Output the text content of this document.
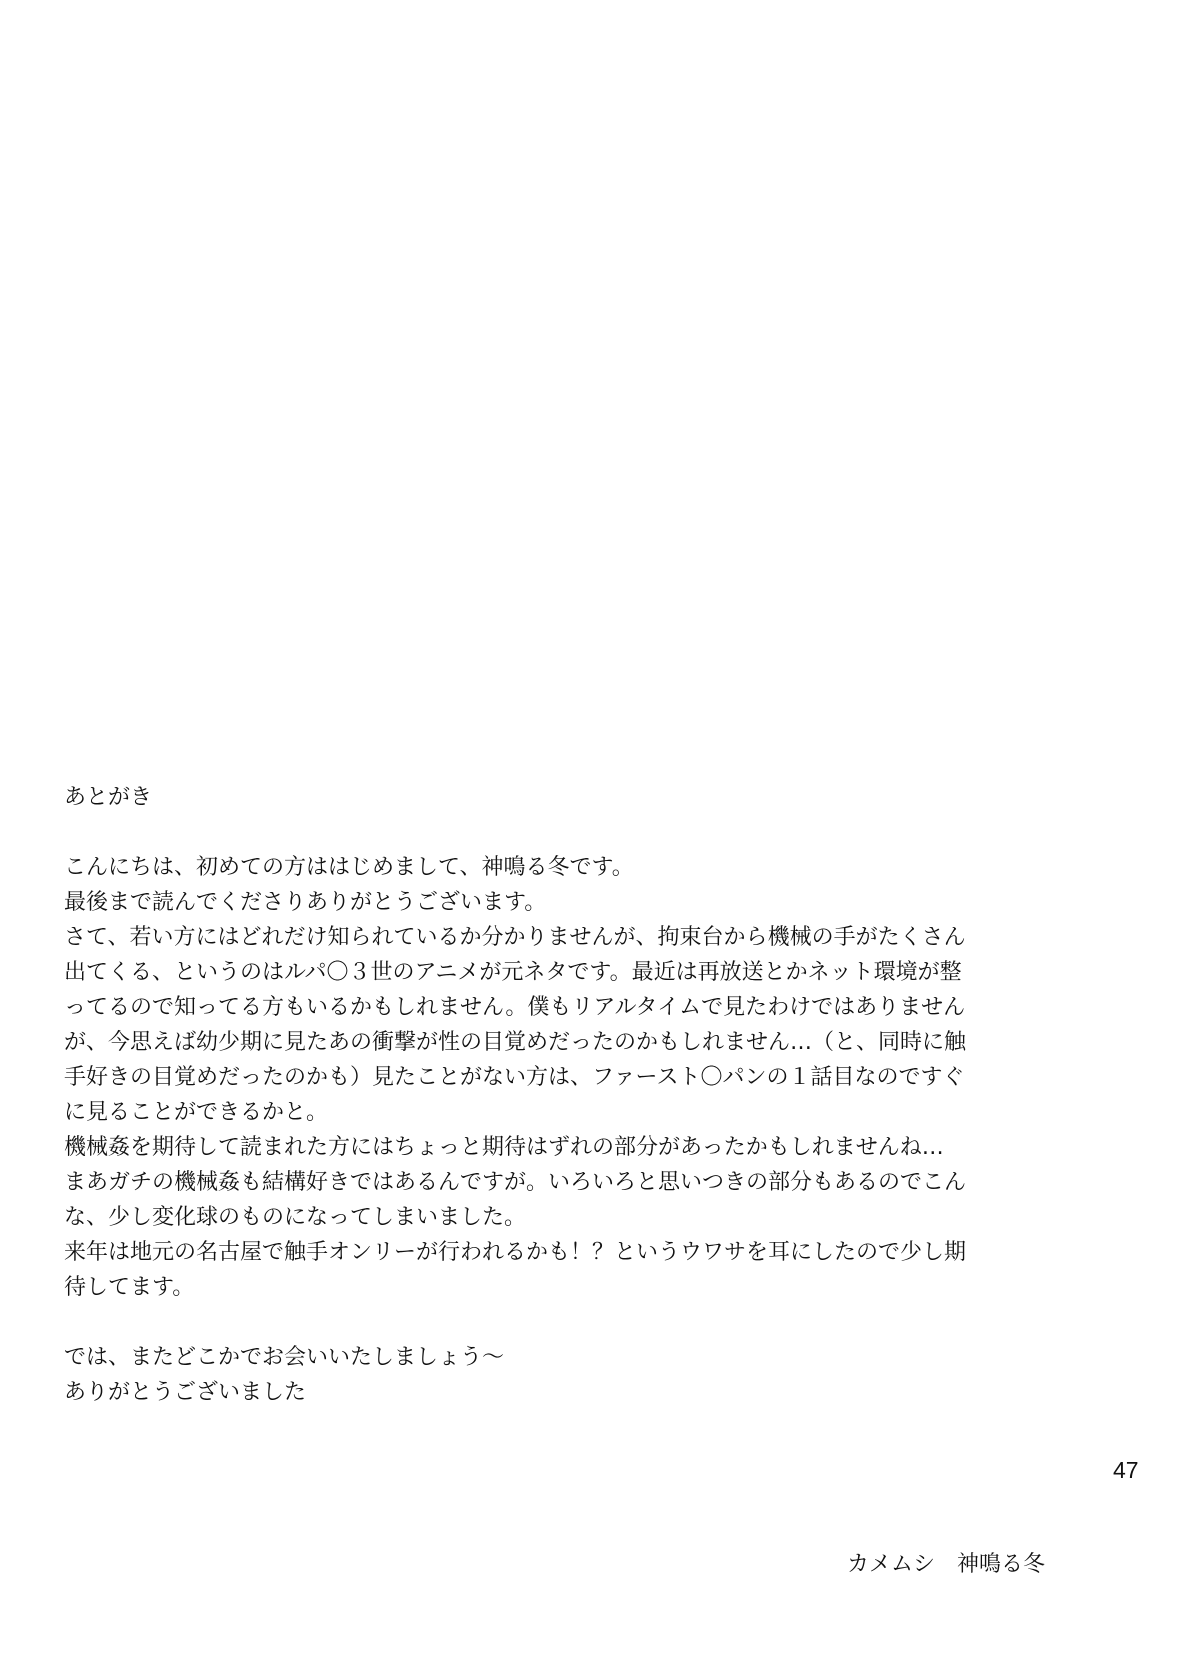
あとがき

こんにちは、初めての方ははじめまして、神鳴る冬です。

最後まで読んでくださりありがとうございます。

さて、若い方にはどれだけ知られているか分かりませんが、拘束台から機械の手がたくさん

出てくる、というのはルパ〇３世のアニメが元ネタです。最近は再放送とかネット環境が整

ってるので知ってる方もいるかもしれません。僕もリアルタイムで見たわけではありません

が、今思えば幼少期に見たあの衝撃が性の目覚めだったのかもしれません…（と、同時に触

手好きの目覚めだったのかも）見たことがない方は、ファースト〇パンの１話目なのですぐ

に見ることができるかと。

機械姦を期待して読まれた方にはちょっと期待はずれの部分があったかもしれませんね…

まあガチの機械姦も結構好きではあるんですが。いろいろと思いつきの部分もあるのでこん

な、少し変化球のものになってしまいました。

来年は地元の名古屋で触手オンリーが行われるかも！？というウワサを耳にしたので少し期

待してます。

では、またどこかでお会いいたしましょう～

ありがとうございました

47
カメムシ　神鳴る冬
